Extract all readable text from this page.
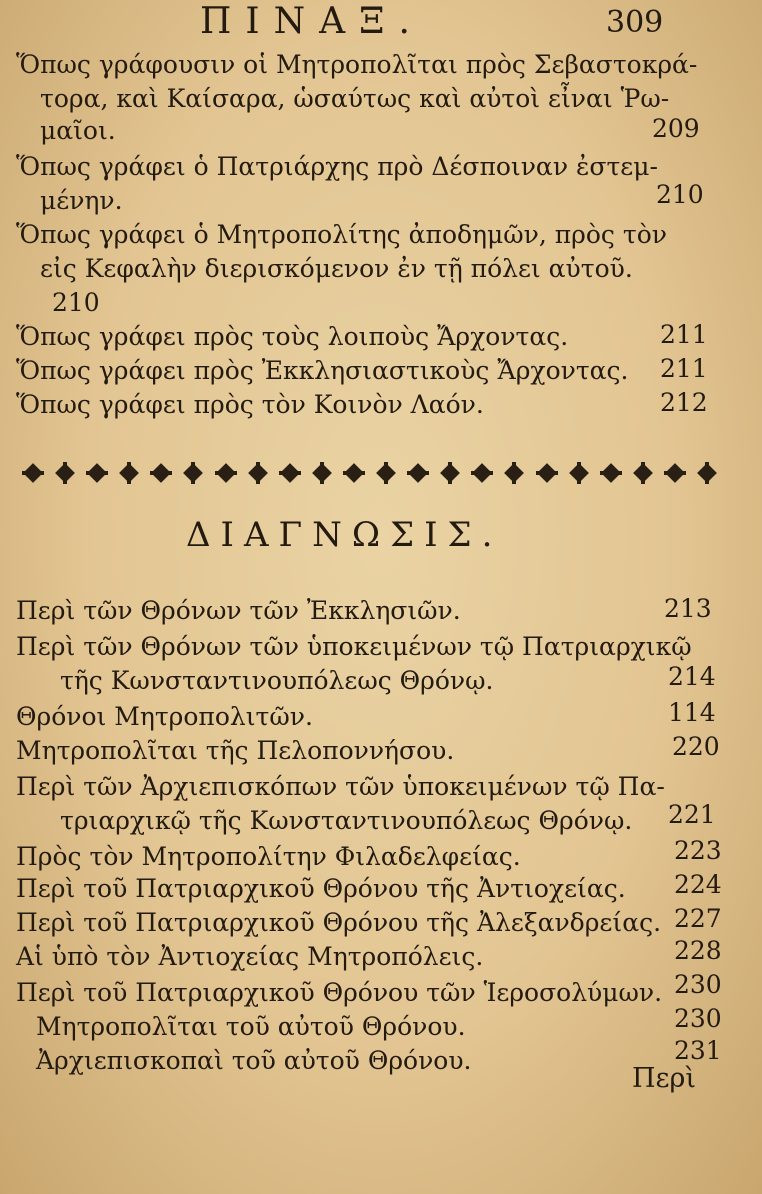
ΠΙΝΑΞ.	309
Ὅπως γράφουσιν οἱ Μητροπολῖται πρὸς Σεβαστοκρά-
τορα, καὶ Καίσαρα, ὡσαύτως καὶ αὐτοὶ εἶναι Ῥω-
μαῖοι.	209
Ὅπως γράφει ὁ Πατριάρχης πρὸ Δέσποιναν ἐστεμ-
μένην.	210
Ὅπως γράφει ὁ Μητροπολίτης ἀποδημῶν, πρὸς τὸν
εἰς Κεφαλὴν διερισκόμενον ἐν τῇ πόλει αὐτοῦ.
210
Ὅπως γράφει πρὸς τοὺς λοιποὺς Ἄρχοντας.	211
Ὅπως γράφει πρὸς Ἐκκλησιαστικοὺς Ἄρχοντας. 211
Ὅπως γράφει πρὸς τὸν Κοινὸν Λαόν.	212
ΔΙΑΓΝΩΣΙΣ.
Περὶ τῶν Θρόνων τῶν Ἐκκλησιῶν.	213
Περὶ τῶν Θρόνων τῶν ὑποκειμένων τῷ Πατριαρχικῷ
τῆς Κωνσταντινουπόλεως Θρόνῳ.	214
Θρόνοι Μητροπολιτῶν.	114
Μητροπολῖται τῆς Πελοποννήσου.	220
Περὶ τῶν Ἀρχιεπισκόπων τῶν ὑποκειμένων τῷ Πα-
τριαρχικῷ τῆς Κωνσταντινουπόλεως Θρόνῳ. 221
Πρὸς τὸν Μητροπολίτην Φιλαδελφείας.	223
Περὶ τοῦ Πατριαρχικοῦ Θρόνου τῆς Ἀντιοχείας. 224
Περὶ τοῦ Πατριαρχικοῦ Θρόνου τῆς Ἀλεξανδρείας. 227
Αἱ ὑπὸ τὸν Ἀντιοχείας Μητροπόλεις.	228
Περὶ τοῦ Πατριαρχικοῦ Θρόνου τῶν Ἱεροσολύμων. 230
Μητροπολῖται τοῦ αὐτοῦ Θρόνου.	230
Ἀρχιεπισκοπαὶ τοῦ αὐτοῦ Θρόνου.	231
Περὶ
